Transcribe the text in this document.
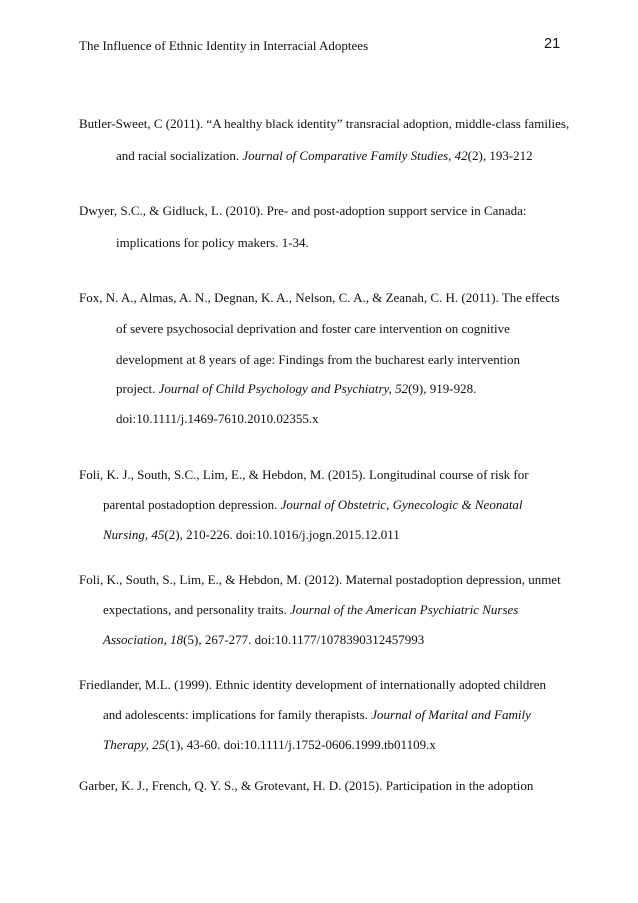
The Influence of Ethnic Identity in Interracial Adoptees	21
Butler-Sweet, C (2011). “A healthy black identity” transracial adoption, middle-class families,
and racial socialization. Journal of Comparative Family Studies, 42(2), 193-212
Dwyer, S.C., & Gidluck, L. (2010). Pre- and post-adoption support service in Canada:
implications for policy makers. 1-34.
Fox, N. A., Almas, A. N., Degnan, K. A., Nelson, C. A., & Zeanah, C. H. (2011). The effects
of severe psychosocial deprivation and foster care intervention on cognitive
development at 8 years of age: Findings from the bucharest early intervention
project. Journal of Child Psychology and Psychiatry, 52(9), 919-928.
doi:10.1111/j.1469-7610.2010.02355.x
Foli, K. J., South, S.C., Lim, E., & Hebdon, M. (2015). Longitudinal course of risk for
parental postadoption depression. Journal of Obstetric, Gynecologic & Neonatal
Nursing, 45(2), 210-226. doi:10.1016/j.jogn.2015.12.011
Foli, K., South, S., Lim, E., & Hebdon, M. (2012). Maternal postadoption depression, unmet
expectations, and personality traits. Journal of the American Psychiatric Nurses
Association, 18(5), 267-277. doi:10.1177/1078390312457993
Friedlander, M.L. (1999). Ethnic identity development of internationally adopted children
and adolescents: implications for family therapists. Journal of Marital and Family
Therapy, 25(1), 43-60. doi:10.1111/j.1752-0606.1999.tb01109.x
Garber, K. J., French, Q. Y. S., & Grotevant, H. D. (2015). Participation in the adoption
